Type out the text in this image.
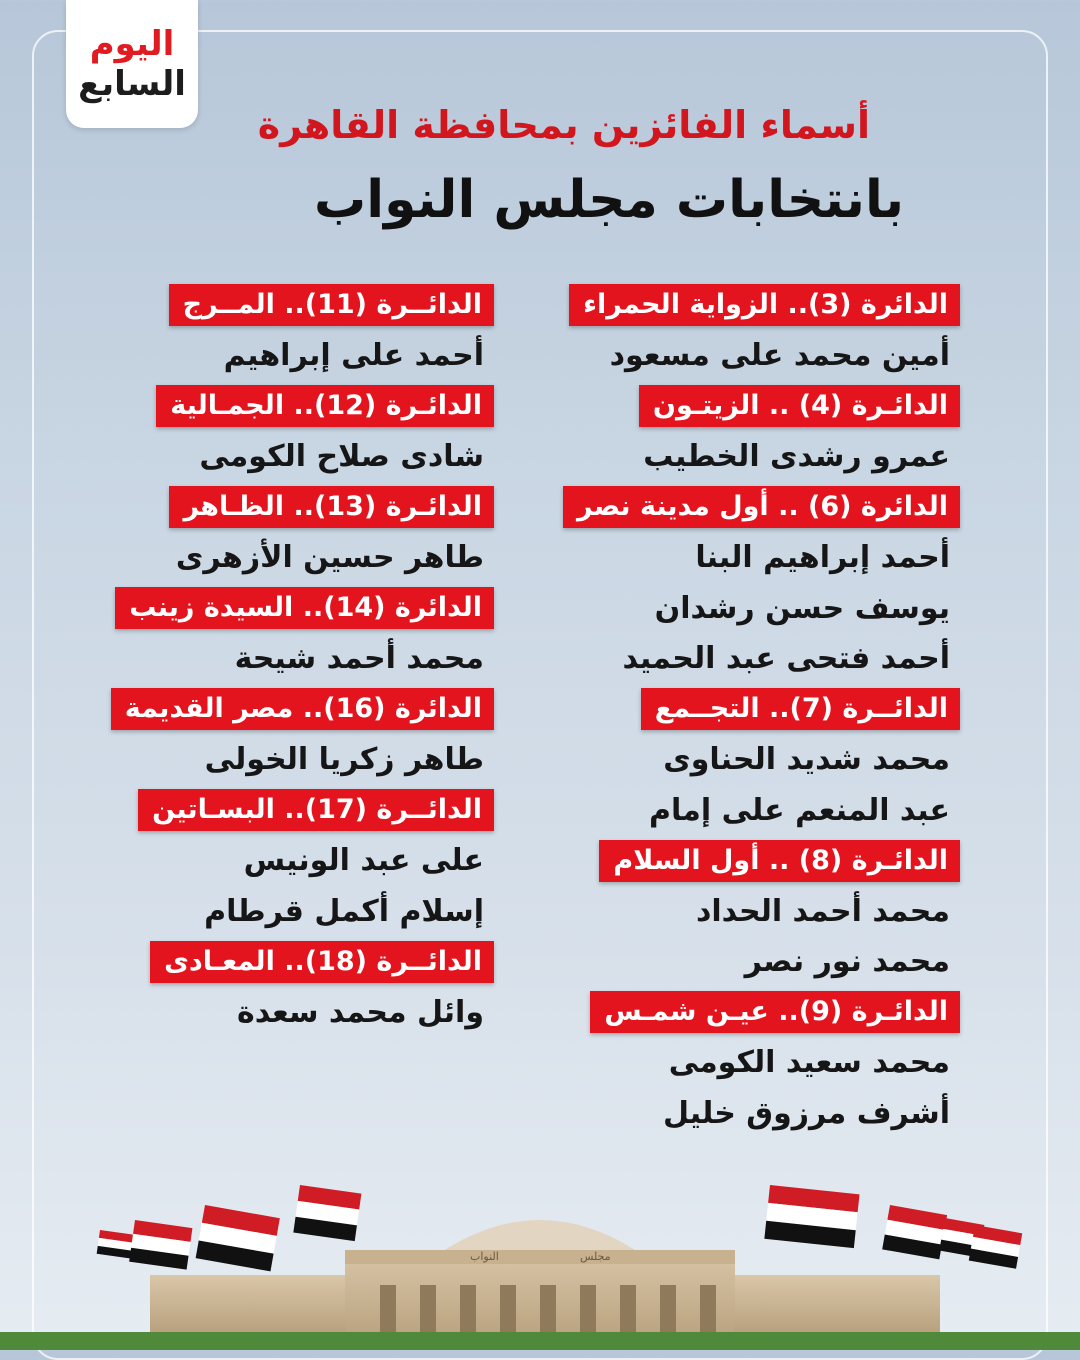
اليوم
السابع
أسماء الفائزين بمحافظة القاهرة
بانتخابات مجلس النواب
الدائرة (3).. الزواية الحمراء
أمين محمد على مسعود
الدائـرة (4) .. الزيتـون
عمرو رشدى الخطيب
الدائرة (6) .. أول مدينة نصر
أحمد إبراهيم البنا
يوسف حسن رشدان
أحمد فتحى عبد الحميد
الدائــرة (7).. التجــمع
محمد شديد الحناوى
عبد المنعم على إمام
الدائـرة (8) .. أول السلام
محمد أحمد الحداد
محمد نور نصر
الدائـرة (9).. عيـن شمـس
محمد سعيد الكومى
أشرف مرزوق خليل
الدائــرة (11).. المــرج
أحمد على إبراهيم
الدائـرة (12).. الجمـالية
شادى صلاح الكومى
الدائـرة (13).. الظـاهر
طاهر حسين الأزهرى
الدائرة (14).. السيدة زينب
محمد أحمد شيحة
الدائرة (16).. مصر القديمة
طاهر زكريا الخولى
الدائــرة (17).. البسـاتين
على عبد الونيس
إسلام أكمل قرطام
الدائــرة (18).. المعـادى
وائل محمد سعدة
النواب	مجلس
